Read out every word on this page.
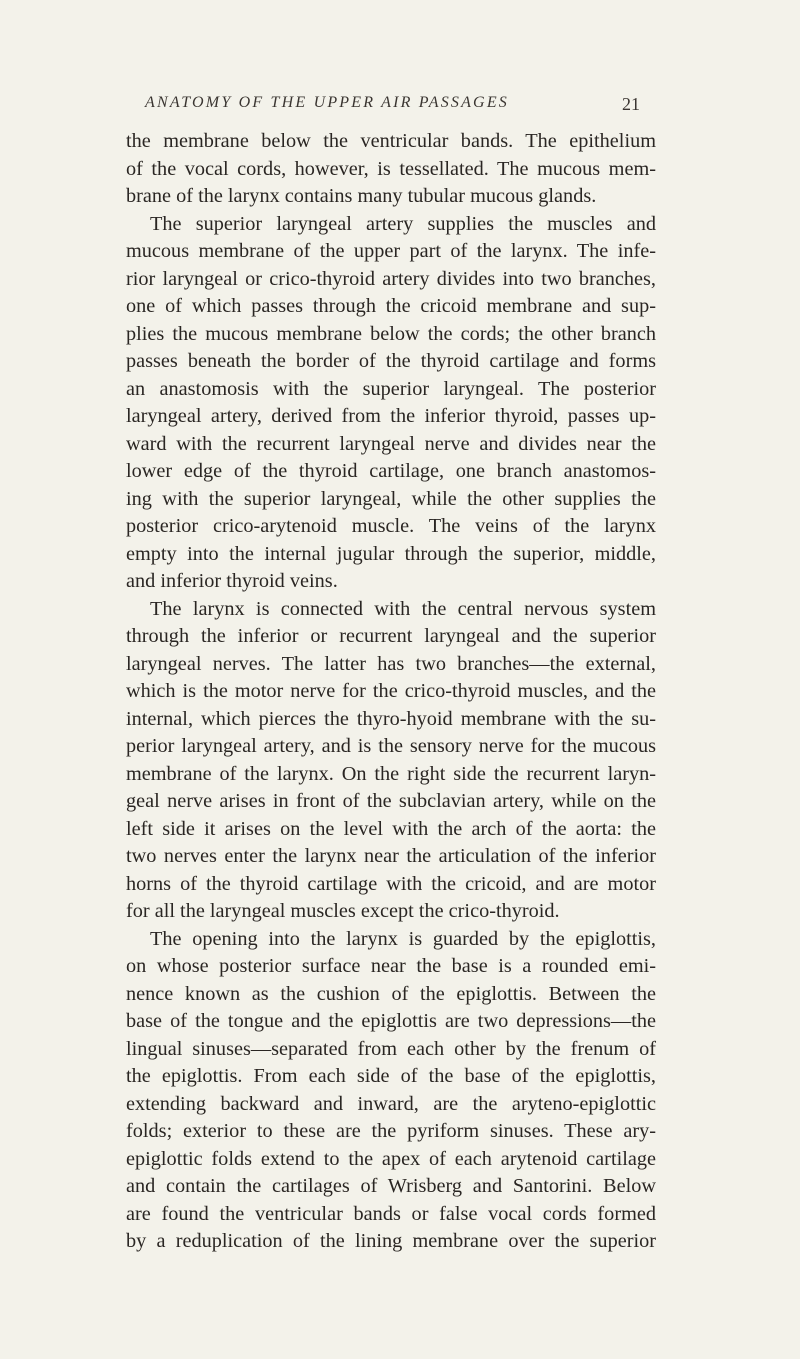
ANATOMY OF THE UPPER AIR PASSAGES	21
the membrane below the ventricular bands. The epithelium
of the vocal cords, however, is tessellated. The mucous mem-
brane of the larynx contains many tubular mucous glands.
The superior laryngeal artery supplies the muscles and
mucous membrane of the upper part of the larynx. The infe-
rior laryngeal or crico-thyroid artery divides into two branches,
one of which passes through the cricoid membrane and sup-
plies the mucous membrane below the cords; the other branch
passes beneath the border of the thyroid cartilage and forms
an anastomosis with the superior laryngeal. The posterior
laryngeal artery, derived from the inferior thyroid, passes up-
ward with the recurrent laryngeal nerve and divides near the
lower edge of the thyroid cartilage, one branch anastomos-
ing with the superior laryngeal, while the other supplies the
posterior crico-arytenoid muscle. The veins of the larynx
empty into the internal jugular through the superior, middle,
and inferior thyroid veins.
The larynx is connected with the central nervous system
through the inferior or recurrent laryngeal and the superior
laryngeal nerves. The latter has two branches—the external,
which is the motor nerve for the crico-thyroid muscles, and the
internal, which pierces the thyro-hyoid membrane with the su-
perior laryngeal artery, and is the sensory nerve for the mucous
membrane of the larynx. On the right side the recurrent laryn-
geal nerve arises in front of the subclavian artery, while on the
left side it arises on the level with the arch of the aorta: the
two nerves enter the larynx near the articulation of the inferior
horns of the thyroid cartilage with the cricoid, and are motor
for all the laryngeal muscles except the crico-thyroid.
The opening into the larynx is guarded by the epiglottis,
on whose posterior surface near the base is a rounded emi-
nence known as the cushion of the epiglottis. Between the
base of the tongue and the epiglottis are two depressions—the
lingual sinuses—separated from each other by the frenum of
the epiglottis. From each side of the base of the epiglottis,
extending backward and inward, are the aryteno-epiglottic
folds; exterior to these are the pyriform sinuses. These ary-
epiglottic folds extend to the apex of each arytenoid cartilage
and contain the cartilages of Wrisberg and Santorini. Below
are found the ventricular bands or false vocal cords formed
by a reduplication of the lining membrane over the superior
